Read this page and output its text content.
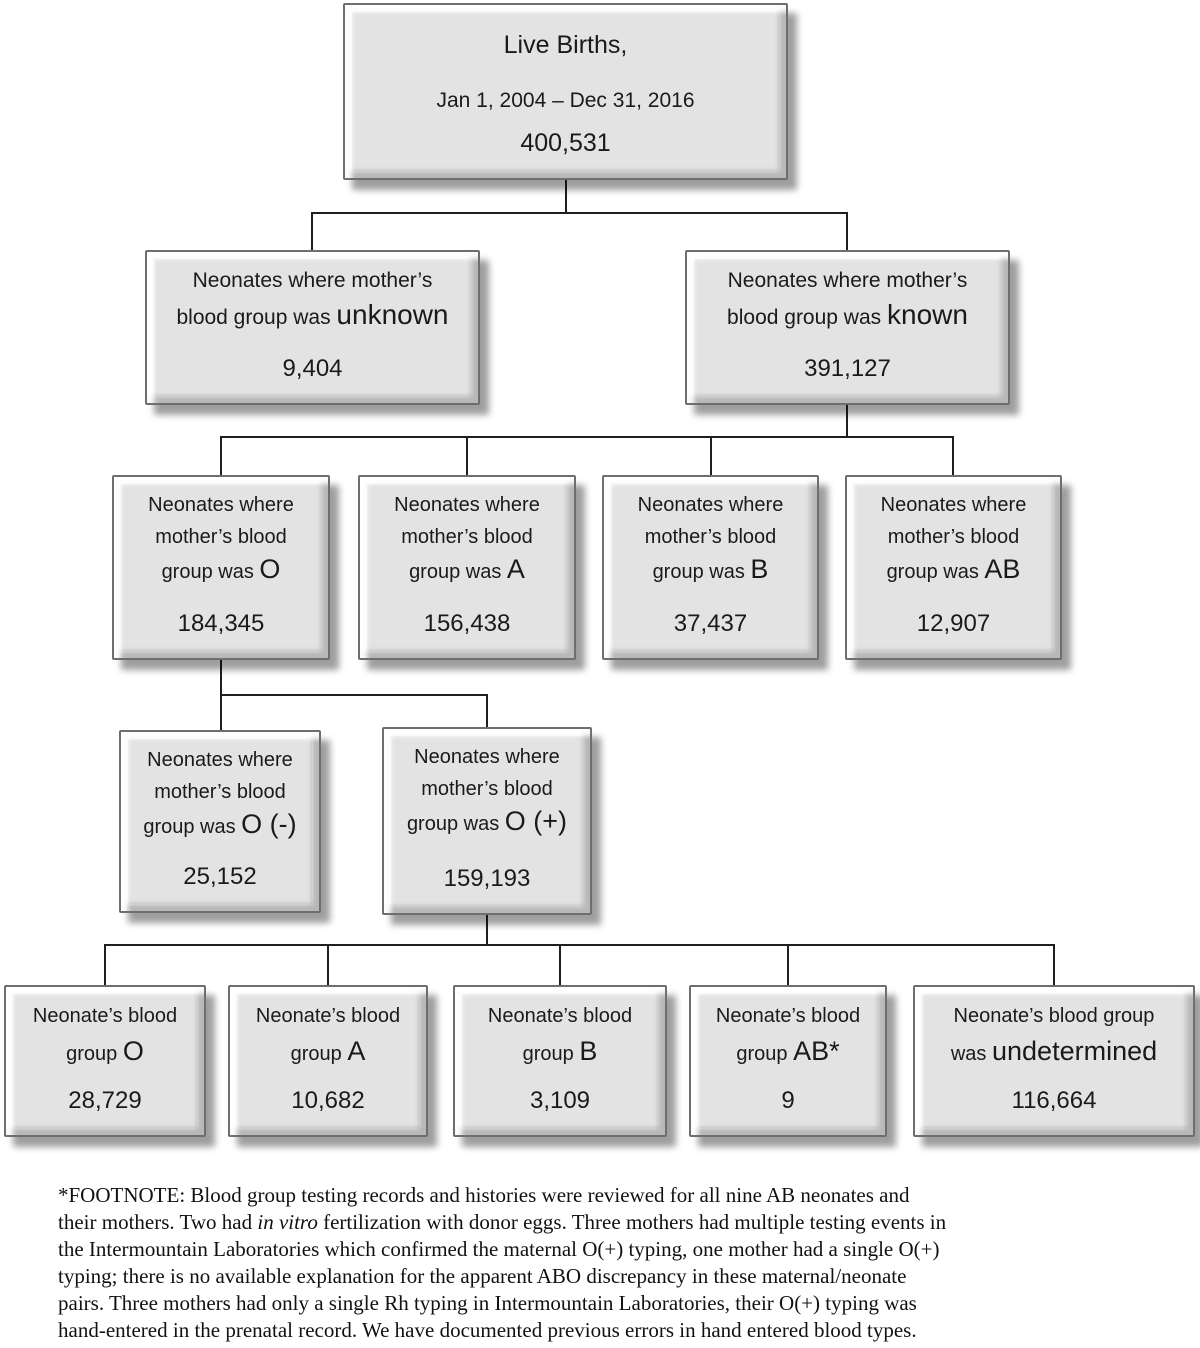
Live Births,
Jan 1, 2004 – Dec 31, 2016
400,531
Neonates where mother’s
blood group was unknown
9,404
Neonates where mother’s
blood group was known
391,127
Neonates where
mother’s blood
group was O
184,345
Neonates where
mother’s blood
group was A
156,438
Neonates where
mother’s blood
group was B
37,437
Neonates where
mother’s blood
group was AB
12,907
Neonates where
mother’s blood
group was O (-)
25,152
Neonates where
mother’s blood
group was O (+)
159,193
Neonate’s blood
group O
28,729
Neonate’s blood
group A
10,682
Neonate’s blood
group B
3,109
Neonate’s blood
group AB*
9
Neonate’s blood group
was undetermined
116,664
*FOOTNOTE: Blood group testing records and histories were reviewed for all nine AB neonates and
their mothers. Two had in vitro fertilization with donor eggs. Three mothers had multiple testing events in
the Intermountain Laboratories which confirmed the maternal O(+) typing, one mother had a single O(+)
typing; there is no available explanation for the apparent ABO discrepancy in these maternal/neonate
pairs. Three mothers had only a single Rh typing in Intermountain Laboratories, their O(+) typing was
hand-entered in the prenatal record. We have documented previous errors in hand entered blood types.
